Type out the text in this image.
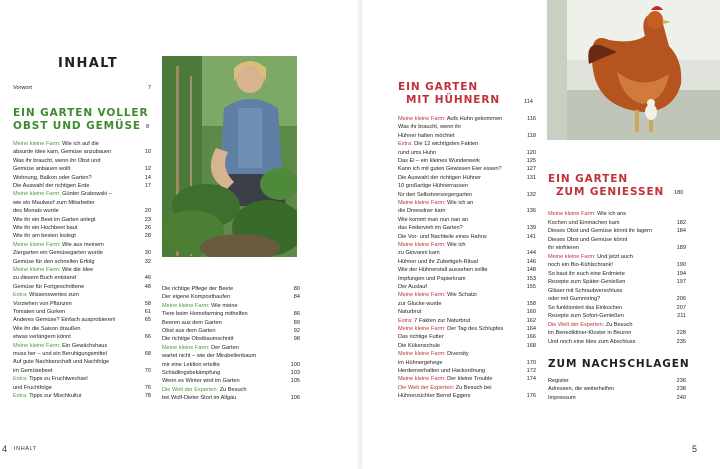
INHALT
Vorwort	7
EIN GARTEN VOLLER
OBST UND GEMÜSE 8
Meine kleine Farm: Wie ich auf die
absurde Idee kam, Gemüse anzubauen	10
Was ihr braucht, wenn ihr Obst und
Gemüse anbauen wollt	12
Wohnung, Balkon oder Garten?	14
Die Auswahl der richtigen Erde	17
Meine kleine Farm: Günter Grabowski –
wie ein Maulwurf zum Mitarbeiter
des Monats wurde	20
Wie ihr ein Beet im Garten anlegt	23
Wie ihr ein Hochbeet baut	26
Wie ihr am besten loslegt	28
Meine kleine Farm: Wie aus meinem
Ziergarten ein Gemüsegarten wurde	30
Gemüse für den schnellen Erfolg	32
Meine kleine Farm: Wie die Idee
zu diesem Buch entstand	46
Gemüse für Fortgeschrittene	48
Extra: Wissenswertes zum
Vorziehen von Pflanzen	58
Tomaten und Gurken	61
Anderes Gemüse? Einfach ausprobieren!	65
Wie ihr die Saison draußen
etwas verlängern könnt	66
Meine kleine Farm: Ein Gewächshaus
muss her – und ein Beruhigungsmittel	68
Auf gute Nachbarschaft und Nachfolge
im Gemüsebeet	70
Extra: Tipps zu Fruchtwechsel
und Fruchtfolge	76
Extra: Tipps zur Mischkultur	78
Die richtige Pflege der Beete	80
Der eigene Komposthaufen	84
Meine kleine Farm: Wie meine
Tiere beim Homefarming mithelfen	86
Beeren aus dem Garten	89
Obst aus dem Garten	92
Die richtige Obstbaumschnitt	98
Meine kleine Farm: Der Garten
wartet nicht – wie der Mirabellenbaum
mir eine Lektion erteilte	100
Schädlingsbekämpfung	103
Wenn es Winter wird im Garten	105
Die Welt der Experten: Zu Besuch
bei Wolf-Dieter Storl im Allgäu	106
4 INHALT
EIN GARTEN
MIT HÜHNERN	114
Meine kleine Farm: Aufs Huhn gekommen	116
Was ihr braucht, wenn ihr
Hühner halten möchtet	118
Extra: Die 12 wichtigsten Fakten
rund ums Huhn	120
Das Ei – ein kleines Wunderwerk	125
Kann ich mit guten Gewissen Eier essen?	127
Die Auswahl der richtigen Hühner	131
10 großartige Hühnerrassen
für den Selbstversorgergarten	132
Meine kleine Farm: Wie ich an
die Dreesdner kam	136
Wie kommt man nun nan an
das Federvieh im Garten?	139
Die Vor- und Nachteile eines Hahns	141
Meine kleine Farm: Wie ich
zu Giovanni kam	144
Hühner und ihr Zubettgeh-Ritual	146
Wie der Hühnerstall aussehen sollte	148
Impfungen und Papierkram	153
Der Auslauf	155
Meine kleine Farm: Wie Schatzi
zur Glucke wurde	158
Naturbrut	160
Extra: 7 Fakten zur Naturbrut	162
Meine kleine Farm: Der Tag des Schlupfes	164
Das richtige Futter	166
Die Kükenschule	168
Meine kleine Farm: Diversity
im Hühnergehege	170
Herdenverhalten und Hackordnung	172
Meine kleine Farm: Der kleine Trouble	174
Die Welt der Experten: Zu Besuch bei
Hühnerzüchter Bernd Eggers	176
EIN GARTEN
ZUM GENIESSEN 180
Meine kleine Farm: Wie ich ans
Kochen und Einmachen kam	182
Dieses Obst und Gemüse könnt ihr lagern	184
Dieses Obst und Gemüse könnt
ihr einfrieren	189
Meine kleine Farm: Und jetzt auch
noch ein Bio-Kühlschrank!	190
So baut ihr euch eine Erdmiete	194
Rezepte zum Später-Genießen	197
Gläser mit Schraubverschluss
oder mit Gummiring?	206
So funktioniert das Einkochen	207
Rezepte zum Sofort-Genießen	211
Die Welt der Experten: Zu Besuch
im Benediktiner-Kloster in Beuron	228
Und noch eine Idee zum Abschluss	235
ZUM NACHSCHLAGEN
Register	236
Adressen, die weiterhelfen	238
Impressum	240
5
